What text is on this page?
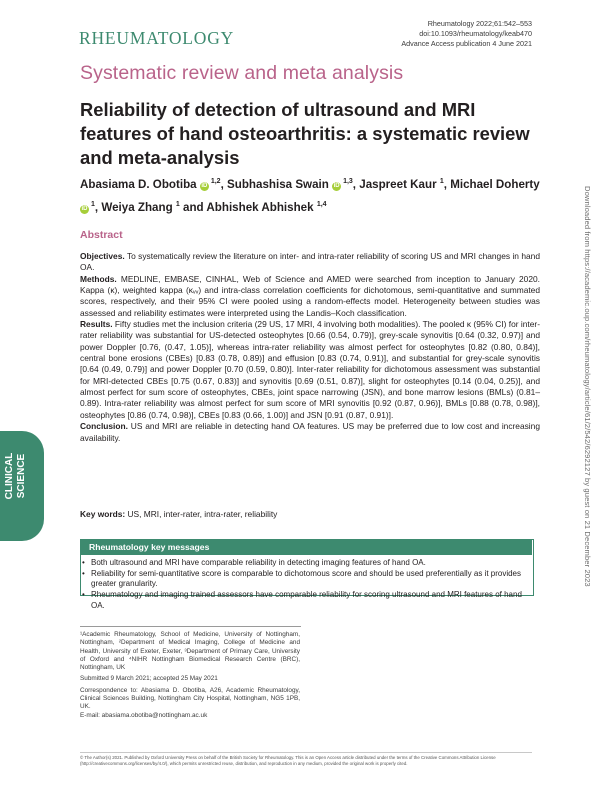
RHEUMATOLOGY
Rheumatology 2022;61:542–553
doi:10.1093/rheumatology/keab470
Advance Access publication 4 June 2021
Systematic review and meta analysis
Reliability of detection of ultrasound and MRI features of hand osteoarthritis: a systematic review and meta-analysis
Abasiama D. Obotiba iD$^{1,2}$, Subhashisa Swain iD$^{1,3}$, Jaspreet Kaur $^1$, Michael Doherty $iD^1$, Weiya Zhang $^1$ and Abhishek Abhishek $^{1,4}$
Abstract

Objectives. To systematically review the literature on inter- and intra-rater reliability of scoring US and MRI changes in hand OA.

Methods. MEDLINE, EMBASE, CINHAL, Web of Science and AMED were searched from inception to January 2020. Kappa (κ), weighted kappa (κᵥᵥ) and intra-class correlation coefficients for dichotomous, semi-quantitative and summated scores, respectively, and their 95% CI were pooled using a random-effects model. Heterogeneity between studies was assessed and reliability estimates were interpreted using the Landis–Koch classification.

Results. Fifty studies met the inclusion criteria (29 US, 17 MRI, 4 involving both modalities). The pooled κ (95% CI) for inter-rater reliability was substantial for US-detected osteophytes [0.66 (0.54, 0.79)], grey-scale synovitis [0.64 (0.32, 0.97)] and power Doppler [0.76, (0.47, 1.05)], whereas intra-rater reliability was almost perfect for osteophytes [0.82 (0.80, 0.84)], central bone erosions (CBEs) [0.83 (0.78, 0.89)] and effusion [0.83 (0.74, 0.91)], and substantial for grey-scale synovitis [0.64 (0.49, 0.79)] and power Doppler [0.70 (0.59, 0.80)]. Inter-rater reliability for dichotomous assessment was substantial for MRI-detected CBEs [0.75 (0.67, 0.83)] and synovitis [0.69 (0.51, 0.87)], slight for osteophytes [0.14 (0.04, 0.25)], and almost perfect for sum score of osteophytes, CBEs, joint space narrowing (JSN), and bone marrow lesions (BMLs) (0.81–0.89). Intra-rater reliability was almost perfect for sum score of MRI synovitis [0.92 (0.87, 0.96)], BMLs [0.88 (0.78, 0.98)], osteophytes [0.86 (0.74, 0.98)], CBEs [0.83 (0.66, 1.00)] and JSN [0.91 (0.87, 0.91)].

Conclusion. US and MRI are reliable in detecting hand OA features. US may be preferred due to low cost and increasing availability.

Key words: US, MRI, inter-rater, intra-rater, reliability
CLINICAL SCIENCE	Downloaded from https://academic.oup.com/rheumatology/article/61/2/542/6292127 by guest on 21 December 2023
Rheumatology key messages
• Both ultrasound and MRI have comparable reliability in detecting imaging features of hand OA.
• Reliability for semi-quantitative score is comparable to dichotomous score and should be used preferentially as it provides greater granularity.
• Rheumatology and imaging trained assessors have comparable reliability for scoring ultrasound and MRI features of hand OA.

¹Academic Rheumatology, School of Medicine, University of Nottingham, Nottingham, ²Department of Medical Imaging, College of Medicine and Health, University of Exeter, Exeter, ³Department of Primary Care, University of Oxford and ⁴NIHR Nottingham Biomedical Research Centre (BRC), Nottingham, UK

Submitted 9 March 2021; accepted 25 May 2021

Correspondence to: Abasiama D. Obotiba, A26, Academic Rheumatology, Clinical Sciences Building, Nottingham City Hospital, Nottingham, NG5 1PB, UK.

E-mail: abasiama.obotiba@nottingham.ac.uk

© The Author(s) 2021. Published by Oxford University Press on behalf of the British Society for Rheumatology. This is an Open Access article distributed under the terms of the Creative Commons Attribution License (http://creativecommons.org/licenses/by/4.0/), which permits unrestricted reuse, distribution, and reproduction in any medium, provided the original work is properly cited.
